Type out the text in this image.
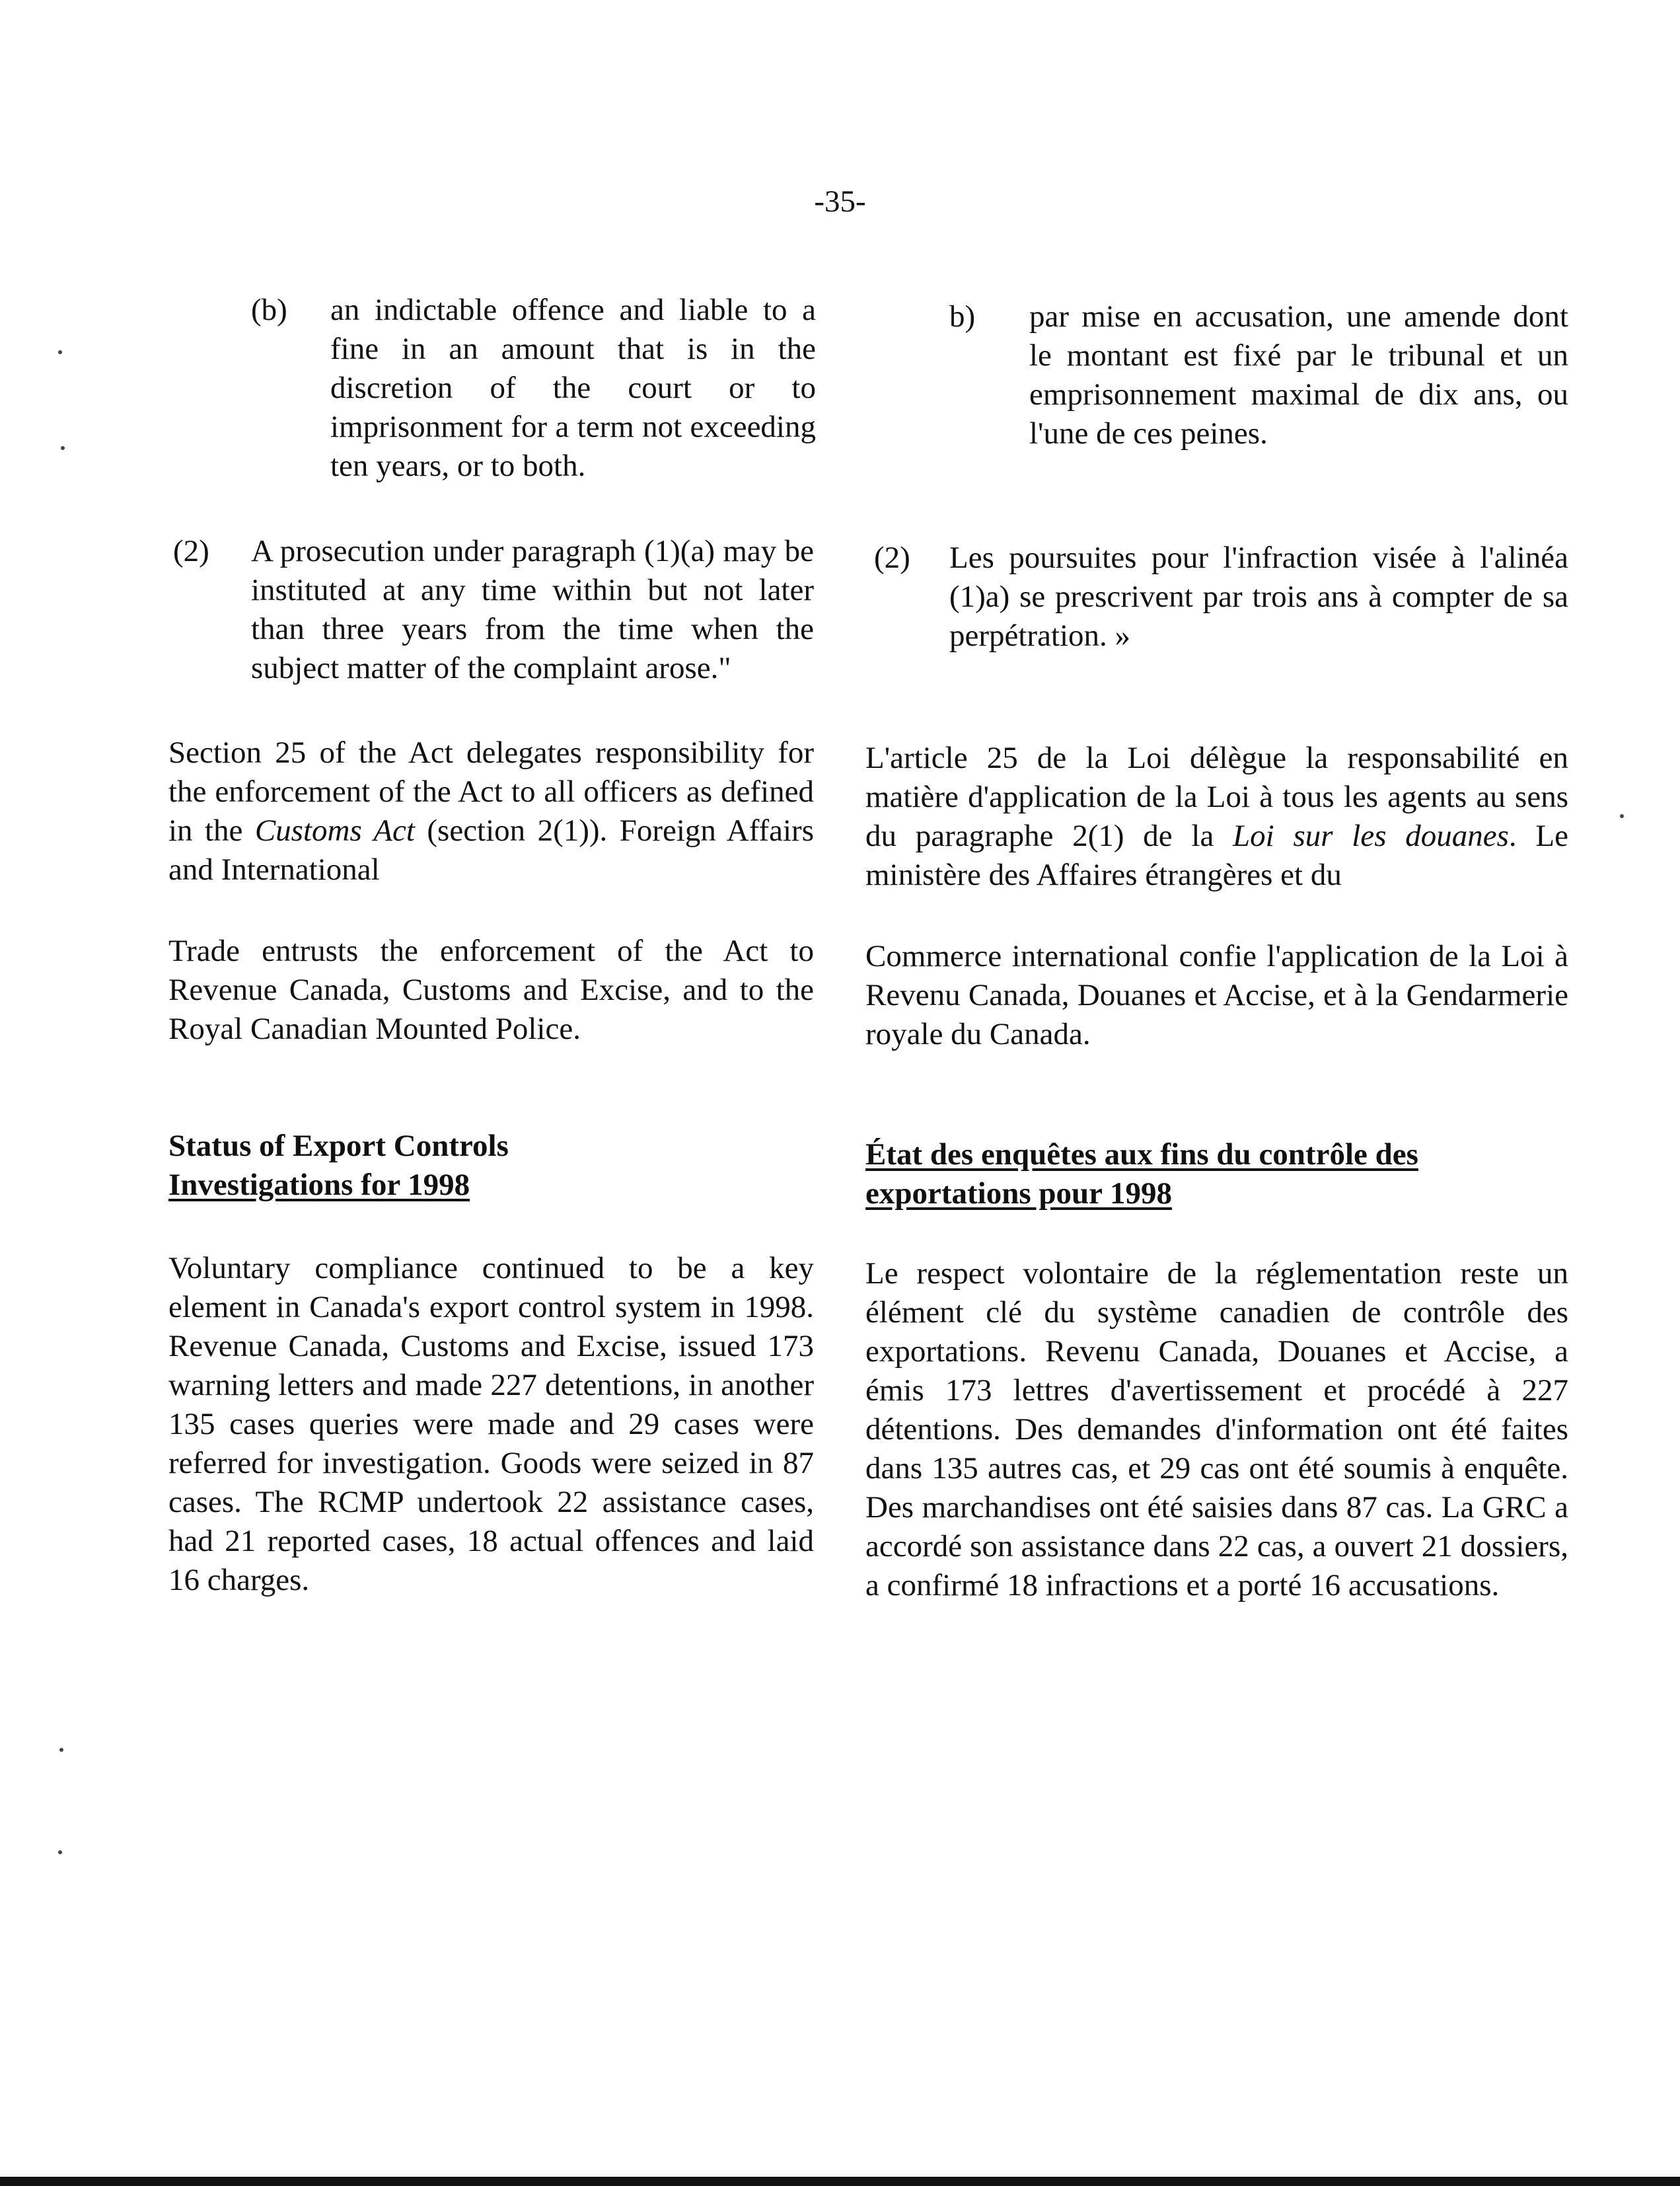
-35-
(b) an indictable offence and liable to a fine in an amount that is in the discretion of the court or to imprisonment for a term not exceeding ten years, or to both.

(2) A prosecution under paragraph (1)(a) may be instituted at any time within but not later than three years from the time when the subject matter of the complaint arose."

Section 25 of the Act delegates responsibility for the enforcement of the Act to all officers as defined in the Customs Act (section 2(1)). Foreign Affairs and International

Trade entrusts the enforcement of the Act to Revenue Canada, Customs and Excise, and to the Royal Canadian Mounted Police.

Status of Export Controls
Investigations for 1998

Voluntary compliance continued to be a key element in Canada's export control system in 1998. Revenue Canada, Customs and Excise, issued 173 warning letters and made 227 detentions, in another 135 cases queries were made and 29 cases were referred for investigation. Goods were seized in 87 cases. The RCMP undertook 22 assistance cases, had 21 reported cases, 18 actual offences and laid 16 charges.

b) par mise en accusation, une amende dont le montant est fixé par le tribunal et un emprisonnement maximal de dix ans, ou l'une de ces peines.

(2) Les poursuites pour l'infraction visée à l'alinéa (1)a) se prescrivent par trois ans à compter de sa perpétration. »

L'article 25 de la Loi délègue la responsabilité en matière d'application de la Loi à tous les agents au sens du paragraphe 2(1) de la Loi sur les douanes. Le ministère des Affaires étrangères et du

Commerce international confie l'application de la Loi à Revenu Canada, Douanes et Accise, et à la Gendarmerie royale du Canada.

État des enquêtes aux fins du contrôle des
exportations pour 1998

Le respect volontaire de la réglementation reste un élément clé du système canadien de contrôle des exportations. Revenu Canada, Douanes et Accise, a émis 173 lettres d'avertissement et procédé à 227 détentions. Des demandes d'information ont été faites dans 135 autres cas, et 29 cas ont été soumis à enquête. Des marchandises ont été saisies dans 87 cas. La GRC a accordé son assistance dans 22 cas, a ouvert 21 dossiers, a confirmé 18 infractions et a porté 16 accusations.
